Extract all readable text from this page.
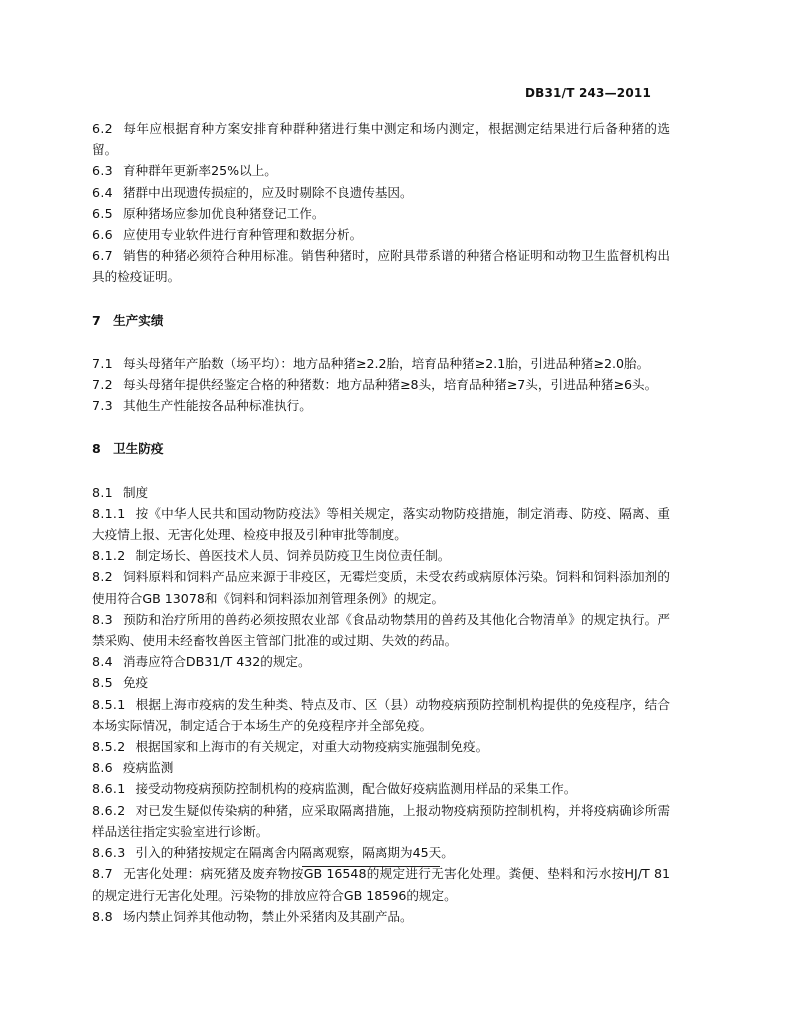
DB31/T 243—2011

6.2 每年应根据育种方案安排育种群种猪进行集中测定和场内测定，根据测定结果进行后备种猪的选留。

6.3 育种群年更新率25%以上。

6.4 猪群中出现遗传损症的，应及时剔除不良遗传基因。

6.5 原种猪场应参加优良种猪登记工作。

6.6 应使用专业软件进行育种管理和数据分析。

6.7 销售的种猪必须符合种用标准。销售种猪时，应附具带系谱的种猪合格证明和动物卫生监督机构出具的检疫证明。

7 生产实绩

7.1 每头母猪年产胎数（场平均）：地方品种猪≥2.2胎，培育品种猪≥2.1胎，引进品种猪≥2.0胎。

7.2 每头母猪年提供经鉴定合格的种猪数：地方品种猪≥8头，培育品种猪≥7头，引进品种猪≥6头。

7.3 其他生产性能按各品种标准执行。

8 卫生防疫

8.1 制度

8.1.1 按《中华人民共和国动物防疫法》等相关规定，落实动物防疫措施，制定消毒、防疫、隔离、重大疫情上报、无害化处理、检疫申报及引种审批等制度。

8.1.2 制定场长、兽医技术人员、饲养员防疫卫生岗位责任制。

8.2 饲料原料和饲料产品应来源于非疫区，无霉烂变质，未受农药或病原体污染。饲料和饲料添加剂的使用符合GB 13078和《饲料和饲料添加剂管理条例》的规定。

8.3 预防和治疗所用的兽药必须按照农业部《食品动物禁用的兽药及其他化合物清单》的规定执行。严禁采购、使用未经畜牧兽医主管部门批准的或过期、失效的药品。

8.4 消毒应符合DB31/T 432的规定。

8.5 免疫

8.5.1 根据上海市疫病的发生种类、特点及市、区（县）动物疫病预防控制机构提供的免疫程序，结合本场实际情况，制定适合于本场生产的免疫程序并全部免疫。

8.5.2 根据国家和上海市的有关规定，对重大动物疫病实施强制免疫。

8.6 疫病监测

8.6.1 接受动物疫病预防控制机构的疫病监测，配合做好疫病监测用样品的采集工作。

8.6.2 对已发生疑似传染病的种猪，应采取隔离措施，上报动物疫病预防控制机构，并将疫病确诊所需样品送往指定实验室进行诊断。

8.6.3 引入的种猪按规定在隔离舍内隔离观察，隔离期为45天。

8.7 无害化处理：病死猪及废弃物按GB 16548的规定进行无害化处理。粪便、垫料和污水按HJ/T 81的规定进行无害化处理。污染物的排放应符合GB 18596的规定。

8.8 场内禁止饲养其他动物，禁止外采猪肉及其副产品。
